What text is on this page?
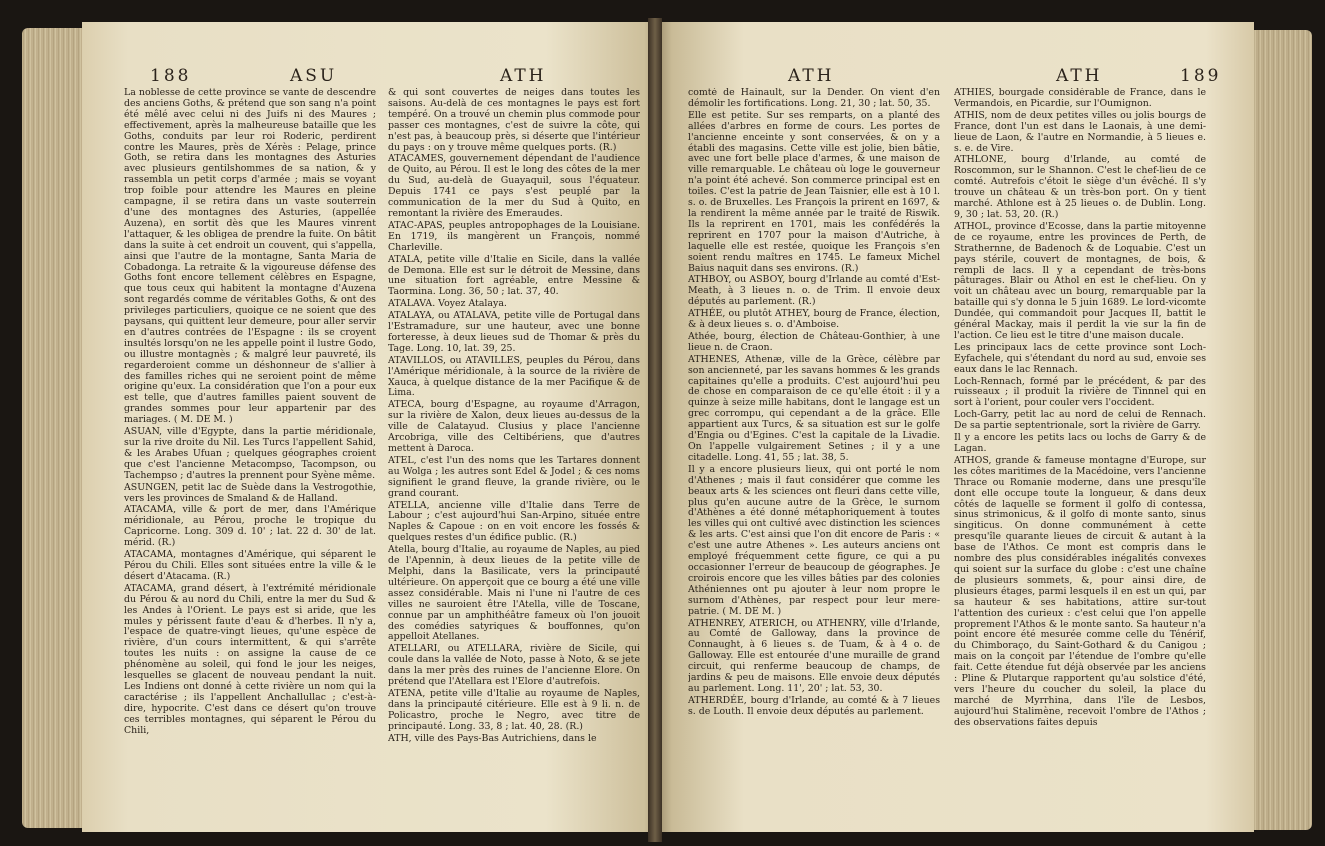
188	ASU	ATH

La noblesse de cette province se vante de descendre des anciens Goths, & prétend que son sang n'a point été mêlé avec celui ni des Juifs ni des Maures ; effectivement, après la malheureuse bataille que les Goths, conduits par leur roi Roderic, perdirent contre les Maures, près de Xérès : Pelage, prince Goth, se retira dans les montagnes des Asturies avec plusieurs gentilshommes de sa nation, & y rassembla un petit corps d'armée ; mais se voyant trop foible pour attendre les Maures en pleine campagne, il se retira dans un vaste souterrein d'une des montagnes des Asturies, (appellée Auzena), en sortit dès que les Maures vinrent l'attaquer, & les obligea de prendre la fuite. On bâtit dans la suite à cet endroit un couvent, qui s'appella, ainsi que l'autre de la montagne, Santa Maria de Cobadonga. La retraite & la vigoureuse défense des Goths font encore tellement célèbres en Espagne, que tous ceux qui habitent la montagne d'Auzena sont regardés comme de véritables Goths, & ont des privileges particuliers, quoique ce ne soient que des paysans, qui quittent leur demeure, pour aller servir en d'autres contrées de l'Espagne : ils se croyent insultés lorsqu'on ne les appelle point il lustre Godo, ou illustre montagnès ; & malgré leur pauvreté, ils regarderoient comme un déshonneur de s'allier à des familles riches qui ne seroient point de même origine qu'eux. La considération que l'on a pour eux est telle, que d'autres familles paient souvent de grandes sommes pour leur appartenir par des mariages. ( M. DE M. )

ASUAN, ville d'Egypte, dans la partie méridionale, sur la rive droite du Nil. Les Turcs l'appellent Sahid, & les Arabes Ufuan ; quelques géographes croient que c'est l'ancienne Metacompso, Tacompson, ou Tachempso ; d'autres la prennent pour Syène même.

ASUNGEN, petit lac de Suède dans la Vestrogothie, vers les provinces de Smaland & de Halland.

ATACAMA, ville & port de mer, dans l'Amérique méridionale, au Pérou, proche le tropique du Capricorne. Long. 309 d. 10' ; lat. 22 d. 30' de lat. mérid. (R.)

ATACAMA, montagnes d'Amérique, qui séparent le Pérou du Chili. Elles sont situées entre la ville & le désert d'Atacama. (R.)

ATACAMA, grand désert, à l'extrémité méridionale du Pérou & au nord du Chili, entre la mer du Sud & les Andes à l'Orient. Le pays est si aride, que les mules y périssent faute d'eau & d'herbes. Il n'y a, l'espace de quatre-vingt lieues, qu'une espèce de rivière, d'un cours intermittent, & qui s'arrête toutes les nuits : on assigne la cause de ce phénomène au soleil, qui fond le jour les neiges, lesquelles se glacent de nouveau pendant la nuit. Les Indiens ont donné à cette rivière un nom qui la caractérise ; ils l'appellent Anchallullac ; c'est-à-dire, hypocrite. C'est dans ce désert qu'on trouve ces terribles montagnes, qui séparent le Pérou du Chili,

& qui sont couvertes de neiges dans toutes les saisons. Au-delà de ces montagnes le pays est fort tempéré. On a trouvé un chemin plus commode pour passer ces montagnes, c'est de suivre la côte, qui n'est pas, à beaucoup près, si déserte que l'intérieur du pays : on y trouve même quelques ports. (R.)

ATACAMES, gouvernement dépendant de l'audience de Quito, au Pérou. Il est le long des côtes de la mer du Sud, au-delà de Guayaquil, sous l'équateur. Depuis 1741 ce pays s'est peuplé par la communication de la mer du Sud à Quito, en remontant la rivière des Emeraudes.

ATAC-APAS, peuples antropophages de la Louisiane. En 1719, ils mangèrent un François, nommé Charleville.

ATALA, petite ville d'Italie en Sicile, dans la vallée de Demona. Elle est sur le détroit de Messine, dans une situation fort agréable, entre Messine & Taormina. Long. 36, 50 ; lat. 37, 40.

ATALAVA. Voyez Atalaya.

ATALAYA, ou ATALAVA, petite ville de Portugal dans l'Estramadure, sur une hauteur, avec une bonne forteresse, à deux lieues sud de Thomar & près du Tage. Long. 10, lat. 39, 25.

ATAVILLOS, ou ATAVILLES, peuples du Pérou, dans l'Amérique méridionale, à la source de la rivière de Xauca, à quelque distance de la mer Pacifique & de Lima.

ATECA, bourg d'Espagne, au royaume d'Arragon, sur la rivière de Xalon, deux lieues au-dessus de la ville de Calatayud. Clusius y place l'ancienne Arcobriga, ville des Celtibériens, que d'autres mettent à Daroca.

ATEL, c'est l'un des noms que les Tartares donnent au Wolga ; les autres sont Edel & Jodel ; & ces noms signifient le grand fleuve, la grande rivière, ou le grand courant.

ATELLA, ancienne ville d'Italie dans Terre de Labour ; c'est aujourd'hui San-Arpino, située entre Naples & Capoue : on en voit encore les fossés & quelques restes d'un édifice public. (R.)

Atella, bourg d'Italie, au royaume de Naples, au pied de l'Apennin, à deux lieues de la petite ville de Melphi, dans la Basilicate, vers la principauté ultérieure. On apperçoit que ce bourg a été une ville assez considérable. Mais ni l'une ni l'autre de ces villes ne sauroient être l'Atella, ville de Toscane, connue par un amphithéâtre fameux où l'on jouoit des comédies satyriques & bouffonnes, qu'on appelloit Atellanes.

ATELLARI, ou ATELLARA, rivière de Sicile, qui coule dans la vallée de Noto, passe à Noto, & se jete dans la mer près des ruines de l'ancienne Elore. On prétend que l'Atellara est l'Elore d'autrefois.

ATENA, petite ville d'Italie au royaume de Naples, dans la principauté citérieure. Elle est à 9 li. n. de Policastro, proche le Negro, avec titre de principauté. Long. 33, 8 ; lat. 40, 28. (R.)

ATH, ville des Pays-Bas Autrichiens, dans le

ATH	ATH	189

comté de Hainault, sur la Dender. On vient d'en démolir les fortifications. Long. 21, 30 ; lat. 50, 35.

Elle est petite. Sur ses remparts, on a planté des allées d'arbres en forme de cours. Les portes de l'ancienne enceinte y sont conservées, & on y a établi des magasins. Cette ville est jolie, bien bâtie, avec une fort belle place d'armes, & une maison de ville remarquable. Le château où loge le gouverneur n'a point été achevé. Son commerce principal est en toiles. C'est la patrie de Jean Taisnier, elle est à 10 l. s. o. de Bruxelles. Les François la prirent en 1697, & la rendirent la même année par le traité de Riswik. Ils la reprirent en 1701, mais les confédérés la reprirent en 1707 pour la maison d'Autriche, à laquelle elle est restée, quoique les François s'en soient rendu maîtres en 1745. Le fameux Michel Baius naquit dans ses environs. (R.)

ATHBOY, ou ASBOY, bourg d'Irlande au comté d'Est-Meath, à 3 lieues n. o. de Trim. Il envoie deux députés au parlement. (R.)

ATHÉE, ou plutôt ATHEY, bourg de France, élection, & à deux lieues s. o. d'Amboise.

Athée, bourg, élection de Château-Gonthier, à une lieue n. de Craon.

ATHENES, Athenæ, ville de la Grèce, célèbre par son ancienneté, par les savans hommes & les grands capitaines qu'elle a produits. C'est aujourd'hui peu de chose en comparaison de ce qu'elle étoit : il y a quinze à seize mille habitans, dont le langage est un grec corrompu, qui cependant a de la grâce. Elle appartient aux Turcs, & sa situation est sur le golfe d'Engia ou d'Egines. C'est la capitale de la Livadie. On l'appelle vulgairement Setines ; il y a une citadelle. Long. 41, 55 ; lat. 38, 5.

Il y a encore plusieurs lieux, qui ont porté le nom d'Athenes ; mais il faut considérer que comme les beaux arts & les sciences ont fleuri dans cette ville, plus qu'en aucune autre de la Grèce, le surnom d'Athènes a été donné métaphoriquement à toutes les villes qui ont cultivé avec distinction les sciences & les arts. C'est ainsi que l'on dit encore de Paris : « c'est une autre Athenes ». Les auteurs anciens ont employé fréquemment cette figure, ce qui a pu occasionner l'erreur de beaucoup de géographes. Je croirois encore que les villes bâties par des colonies Athéniennes ont pu ajouter à leur nom propre le surnom d'Athènes, par respect pour leur mere-patrie. ( M. DE M. )

ATHENREY, ATERICH, ou ATHENRY, ville d'Irlande, au Comté de Galloway, dans la province de Connaught, à 6 lieues s. de Tuam, & à 4 o. de Galloway. Elle est entourée d'une muraille de grand circuit, qui renferme beaucoup de champs, de jardins & peu de maisons. Elle envoie deux députés au parlement. Long. 11', 20' ; lat. 53, 30.

ATHERDÉE, bourg d'Irlande, au comté & à 7 lieues s. de Louth. Il envoie deux députés au parlement.

ATHIES, bourgade considérable de France, dans le Vermandois, en Picardie, sur l'Oumignon.

ATHIS, nom de deux petites villes ou jolis bourgs de France, dont l'un est dans le Laonais, à une demi-lieue de Laon, & l'autre en Normandie, à 5 lieues e. s. e. de Vire.

ATHLONE, bourg d'Irlande, au comté de Roscommon, sur le Shannon. C'est le chef-lieu de ce comté. Autrefois c'étoit le siège d'un évêché. Il s'y trouve un château & un très-bon port. On y tient marché. Athlone est à 25 lieues o. de Dublin. Long. 9, 30 ; lat. 53, 20. (R.)

ATHOL, province d'Ecosse, dans la partie mitoyenne de ce royaume, entre les provinces de Perth, de Strathernne, de Badenoch & de Loquabie. C'est un pays stérile, couvert de montagnes, de bois, & rempli de lacs. Il y a cependant de très-bons pâturages. Blair ou Athol en est le chef-lieu. On y voit un château avec un bourg, remarquable par la bataille qui s'y donna le 5 juin 1689. Le lord-vicomte Dundée, qui commandoit pour Jacques II, battit le général Mackay, mais il perdit la vie sur la fin de l'action. Ce lieu est le titre d'une maison ducale.

Les principaux lacs de cette province sont Loch-Eyfachele, qui s'étendant du nord au sud, envoie ses eaux dans le lac Rennach.

Loch-Rennach, formé par le précédent, & par des ruisseaux ; il produit la rivière de Tinnnel qui en sort à l'orient, pour couler vers l'occident.

Loch-Garry, petit lac au nord de celui de Rennach. De sa partie septentrionale, sort la rivière de Garry.

Il y a encore les petits lacs ou lochs de Garry & de Lagan.

ATHOS, grande & fameuse montagne d'Europe, sur les côtes maritimes de la Macédoine, vers l'ancienne Thrace ou Romanie moderne, dans une presqu'île dont elle occupe toute la longueur, & dans deux côtés de laquelle se forment il golfo di contessa, sinus strimonicus, & il golfo di monte santo, sinus singiticus. On donne communément à cette presqu'île quarante lieues de circuit & autant à la base de l'Athos. Ce mont est compris dans le nombre des plus considérables inégalités convexes qui soient sur la surface du globe : c'est une chaîne de plusieurs sommets, &, pour ainsi dire, de plusieurs étages, parmi lesquels il en est un qui, par sa hauteur & ses habitations, attire sur-tout l'attention des curieux : c'est celui que l'on appelle proprement l'Athos & le monte santo. Sa hauteur n'a point encore été mesurée comme celle du Ténérif, du Chimboraço, du Saint-Gothard & du Canigou ; mais on la conçoit par l'étendue de l'ombre qu'elle fait. Cette étendue fut déjà observée par les anciens : Pline & Plutarque rapportent qu'au solstice d'été, vers l'heure du coucher du soleil, la place du marché de Myrrhina, dans l'île de Lesbos, aujourd'hui Stalimène, recevoit l'ombre de l'Athos ; des observations faites depuis
